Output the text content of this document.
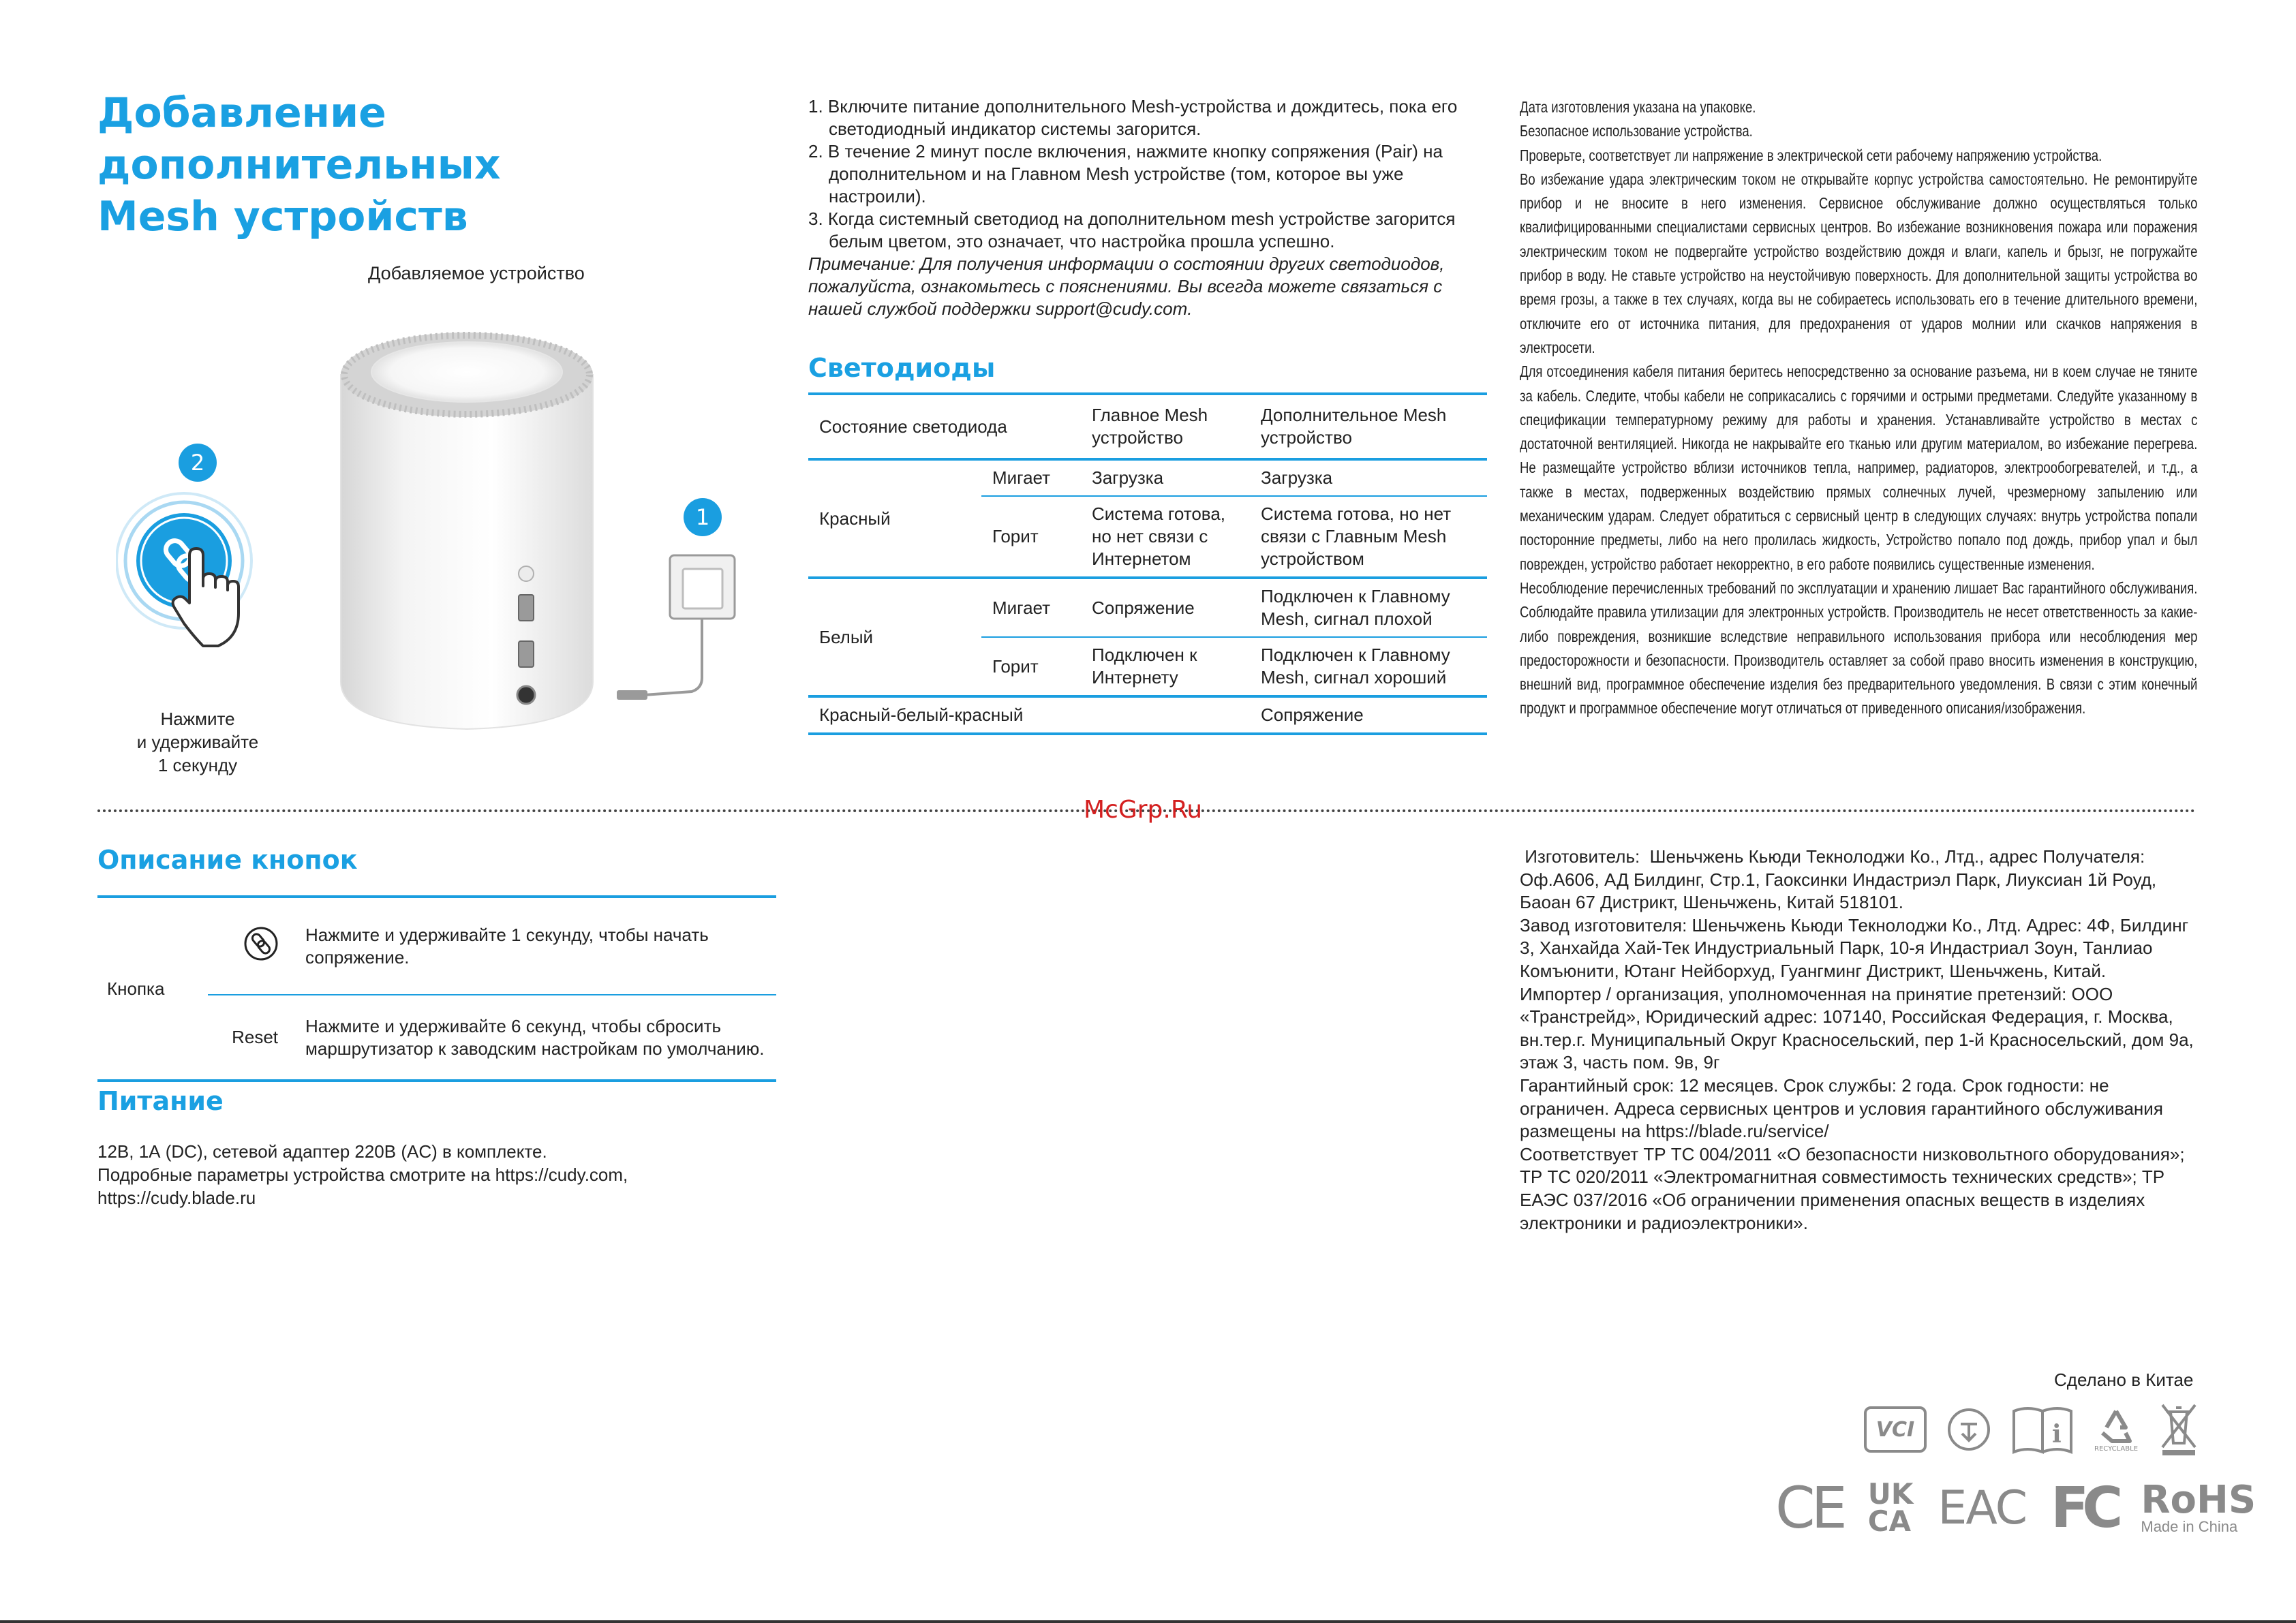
Добавление дополнительных
Mesh устройств
Добавляемое устройство
2
Нажмите
и удерживайте
1 секунду
1
1. Включите питание дополнительного Mesh-устройства и дождитесь, пока его светодиодный индикатор системы загорится.
2. В течение 2 минут после включения, нажмите кнопку сопряжения (Pair) на дополнительном и на Главном Mesh устройстве (том, которое вы уже настроили).
3. Когда системный светодиод на дополнительном mesh устройстве загорится белым цветом, это означает, что настройка прошла успешно.
Примечание: Для получения информации о состоянии других светодиодов, пожалуйста, ознакомьтесь с пояснениями. Вы всегда можете связаться с нашей службой поддержки support@cudy.com.
Светодиоды
Состояние светодиода		Главное Mesh устройство	Дополнительное Mesh устройство
Красный	Мигает	Загрузка	Загрузка
	Горит	Система готова, но нет связи с Интернетом	Система готова, но нет связи с Главным Mesh устройством
Белый	Мигает	Сопряжение	Подключен к Главному Mesh, сигнал плохой
	Горит	Подключен к Интернету	Подключен к Главному Mesh, сигнал хороший
Красный-белый-красный			Сопряжение
Дата изготовления указана на упаковке.
Безопасное использование устройства.
Проверьте, соответствует ли напряжение в электрической сети рабочему напряжению устройства.
Во избежание удара электрическим током не открывайте корпус устройства самостоятельно. Не ремонтируйте прибор и не вносите в него изменения. Сервисное обслуживание должно осуществляться только квалифицированными специалистами сервисных центров. Во избежание возникновения пожара или поражения электрическим током не подвергайте устройство воздействию дождя и влаги, капель и брызг, не погружайте прибор в воду. Не ставьте устройство на неустойчивую поверхность. Для дополнительной защиты устройства во время грозы, а также в тех случаях, когда вы не собираетесь использовать его в течение длительного времени, отключите его от источника питания, для предохранения от ударов молнии или скачков напряжения в электросети.
Для отсоединения кабеля питания беритесь непосредственно за основание разъема, ни в коем случае не тяните за кабель. Следите, чтобы кабели не соприкасались с горячими и острыми предметами. Следуйте указанному в спецификации температурному режиму для работы и хранения. Устанавливайте устройство в местах с достаточной вентиляцией. Никогда не накрывайте его тканью или другим материалом, во избежание перегрева. Не размещайте устройство вблизи источников тепла, например, радиаторов, электрообогревателей, и т.д., а также в местах, подверженных воздействию прямых солнечных лучей, чрезмерному запылению или механическим ударам. Следует обратиться с сервисный центр в следующих случаях: внутрь устройства попали посторонние предметы, либо на него пролилась жидкость, Устройство попало под дождь, прибор упал и был поврежден, устройство работает некорректно, в его работе появились существенные изменения.
Несоблюдение перечисленных требований по эксплуатации и хранению лишает Вас гарантийного обслуживания. Соблюдайте правила утилизации для электронных устройств. Производитель не несет ответственность за какие-либо повреждения, возникшие вследствие неправильного использования прибора или несоблюдения мер предосторожности и безопасности. Производитель оставляет за собой право вносить изменения в конструкцию, внешний вид, программное обеспечение изделия без предварительного уведомления. В связи с этим конечный продукт и программное обеспечение могут отличаться от приведенного описания/изображения.
McGrp.Ru
Описание кнопок
Кнопка		Нажмите и удерживайте 1 секунду, чтобы начать сопряжение.
	Reset	Нажмите и удерживайте 6 секунд, чтобы сбросить маршрутизатор к заводским настройкам по умолчанию.
Питание
12В, 1А (DC), сетевой адаптер 220В (AC) в комплекте.
Подробные параметры устройства смотрите на https://cudy.com,
https://cudy.blade.ru
Изготовитель:  Шеньчжень Кьюди Текнолоджи Ко., Лтд., адрес Получателя: Оф.А606, АД Билдинг, Стр.1, Гаоксинки Индастриэл Парк, Лиуксиан 1й Роуд, Баоан 67 Дистрикт, Шеньчжень, Китай 518101.
Завод изготовителя: Шеньчжень Кьюди Текнолоджи Ко., Лтд. Адрес: 4Ф, Билдинг 3, Ханхайда Хай-Тек Индустриальный Парк, 10-я Индастриал Зоун, Танлиао Комъюнити, Ютанг Нейборхуд, Гуангминг Дистрикт, Шеньчжень, Китай.
Импортер / организация, уполномоченная на принятие претензий: ООО «Транстрейд», Юридический адрес: 107140, Российская Федерация, г. Москва, вн.тер.г. Муниципальный Округ Красносельский, пер 1-й Красносельский, дом 9а, этаж 3, часть пом. 9в, 9г
Гарантийный срок: 12 месяцев. Срок службы: 2 года. Срок годности: не ограничен. Адреса сервисных центров и условия гарантийного обслуживания размещены на https://blade.ru/service/
Соответствует ТР ТС 004/2011 «О безопасности низковольтного оборудования»; ТР ТС 020/2011 «Электромагнитная совместимость технических средств»; ТР ЕАЭС 037/2016 «Об ограничении применения опасных веществ в изделиях электроники и радиоэлектроники».
Сделано в Китае
VCI	i	RECYCLABLE
CE UK
CA EAC FC RoHS
Made in China
